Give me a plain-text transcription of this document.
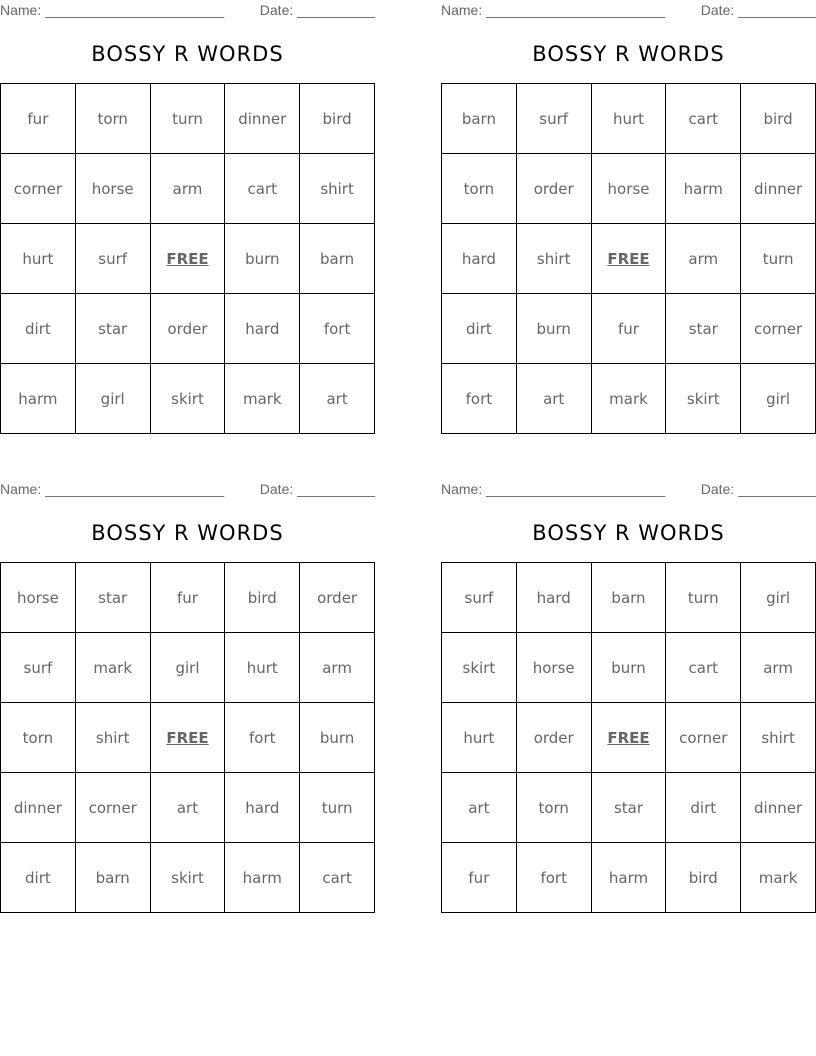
Name: _______________________	Date: __________
BOSSY R WORDS
fur	torn	turn	dinner	bird
corner	horse	arm	cart	shirt
hurt	surf	FREE	burn	barn
dirt	star	order	hard	fort
harm	girl	skirt	mark	art
Name: _______________________	Date: __________
BOSSY R WORDS
barn	surf	hurt	cart	bird
torn	order	horse	harm	dinner
hard	shirt	FREE	arm	turn
dirt	burn	fur	star	corner
fort	art	mark	skirt	girl
Name: _______________________	Date: __________
BOSSY R WORDS
horse	star	fur	bird	order
surf	mark	girl	hurt	arm
torn	shirt	FREE	fort	burn
dinner	corner	art	hard	turn
dirt	barn	skirt	harm	cart
Name: _______________________	Date: __________
BOSSY R WORDS
surf	hard	barn	turn	girl
skirt	horse	burn	cart	arm
hurt	order	FREE	corner	shirt
art	torn	star	dirt	dinner
fur	fort	harm	bird	mark
